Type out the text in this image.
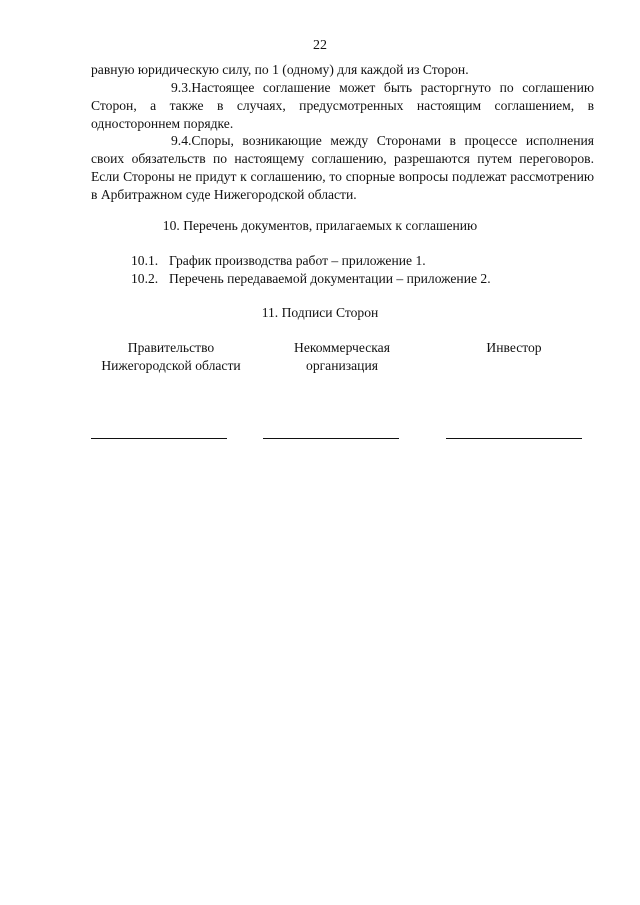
22
равную юридическую силу, по 1 (одному) для каждой из Сторон.

9.3.Настоящее соглашение может быть расторгнуто по соглашению Сторон, а также в случаях, предусмотренных настоящим соглашением, в одностороннем порядке.

9.4.Споры, возникающие между Сторонами в процессе исполнения своих обязательств по настоящему соглашению, разрешаются путем переговоров. Если Стороны не придут к соглашению, то спорные вопросы подлежат рассмотрению в Арбитражном суде Нижегородской области.

10. Перечень документов, прилагаемых к соглашению
10.1. График производства работ – приложение 1.
10.2. Перечень передаваемой документации – приложение 2.
11. Подписи Сторон
Правительство
Нижегородской области
Некоммерческая
организация
Инвестор
